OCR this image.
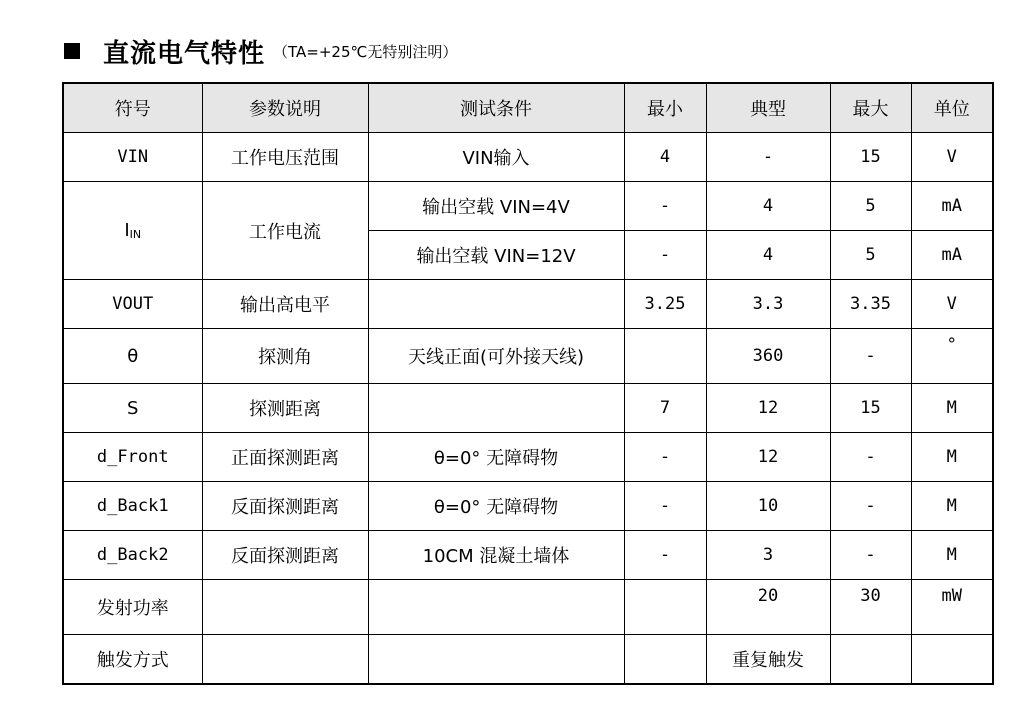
直流电气特性 （TA=+25℃无特别注明）
符号	参数说明	测试条件	最小	典型	最大	单位
VIN	工作电压范围	VIN输入	4	-	15	V
$I_{IN}$	工作电流	输出空载 VIN=4V	-	4	5	mA
		输出空载 VIN=12V	-	4	5	mA
VOUT	输出高电平		3.25	3.3	3.35	V
θ	探测角	天线正面(可外接天线)		360	-	°
S	探测距离		7	12	15	M
d_Front	正面探测距离	θ=0° 无障碍物	-	12	-	M
d_Back1	反面探测距离	θ=0° 无障碍物	-	10	-	M
d_Back2	反面探测距离	10CM 混凝土墙体	-	3	-	M
发射功率				20	30	mW
触发方式				重复触发		
